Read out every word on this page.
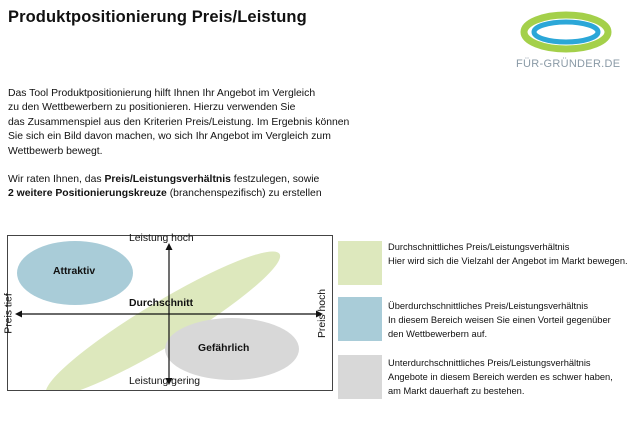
Produktpositionierung Preis/Leistung
FÜR-GRÜNDER.DE

Das Tool Produktpositionierung hilft Ihnen Ihr Angebot im Vergleich
zu den Wettbewerbern zu positionieren. Hierzu verwenden Sie
das Zusammenspiel aus den Kriterien Preis/Leistung. Im Ergebnis können
Sie sich ein Bild davon machen, wo sich Ihr Angebot im Vergleich zum
Wettbewerb bewegt.

Wir raten Ihnen, das Preis/Leistungsverhältnis festzulegen, sowie
2 weitere Positionierungskreuze (branchenspezifisch) zu erstellen

Leistung hoch
Leistung gering
Durchschnitt
Attraktiv
Gefährlich
Preis tief	Preis hoch
Durchschnittliches Preis/Leistungsverhältnis
Hier wird sich die Vielzahl der Angebot im Markt bewegen.
Überdurchschnittliches Preis/Leistungsverhältnis
In diesem Bereich weisen Sie einen Vorteil gegenüber
den Wettbewerbern auf.
Unterdurchschnittliches Preis/Leistungsverhältnis
Angebote in diesem Bereich werden es schwer haben,
am Markt dauerhaft zu bestehen.
